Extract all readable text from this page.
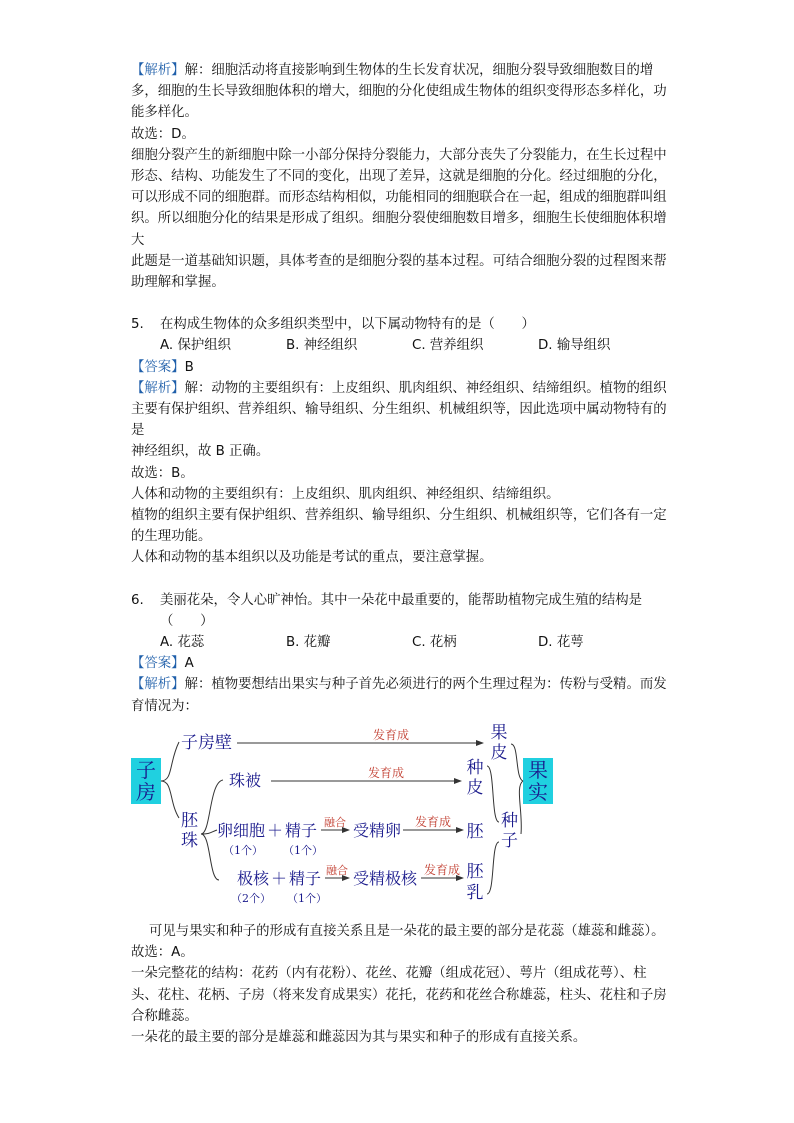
【解析】解：细胞活动将直接影响到生物体的生长发育状况，细胞分裂导致细胞数目的增多，细胞的生长导致细胞体积的增大，细胞的分化使组成生物体的组织变得形态多样化，功能多样化。

故选：D。

细胞分裂产生的新细胞中除一小部分保持分裂能力，大部分丧失了分裂能力，在生长过程中形态、结构、功能发生了不同的变化，出现了差异，这就是细胞的分化。经过细胞的分化，可以形成不同的细胞群。而形态结构相似，功能相同的细胞联合在一起，组成的细胞群叫组织。所以细胞分化的结果是形成了组织。细胞分裂使细胞数目增多，细胞生长使细胞体积增大

此题是一道基础知识题，具体考查的是细胞分裂的基本过程。可结合细胞分裂的过程图来帮助理解和掌握。

5. 在构成生物体的众多组织类型中，以下属动物特有的是（　　）

A. 保护组织	B. 神经组织	C. 营养组织	D. 输导组织

【答案】B

【解析】解：动物的主要组织有：上皮组织、肌肉组织、神经组织、结缔组织。植物的组织主要有保护组织、营养组织、输导组织、分生组织、机械组织等，因此选项中属动物特有的是

神经组织，故 B 正确。

故选：B。

人体和动物的主要组织有：上皮组织、肌肉组织、神经组织、结缔组织。

植物的组织主要有保护组织、营养组织、输导组织、分生组织、机械组织等，它们各有一定的生理功能。

人体和动物的基本组织以及功能是考试的重点，要注意掌握。

6. 美丽花朵，令人心旷神怡。其中一朵花中最重要的，能帮助植物完成生殖的结构是（　　）

A. 花蕊	B. 花瓣	C. 花柄	D. 花萼

【答案】A

【解析】解：植物要想结出果实与种子首先必须进行的两个生理过程为：传粉与受精。而发育情况为：

子
房
果
实
子房壁	发育成	果
皮
胚
珠
珠被	发育成	种
皮
卵细胞 ＋ 精子
（1个） （1个）
融合 受精卵 发育成 胚
极核 ＋ 精子
（2个） （1个）
融合 受精极核 发育成 胚
乳
种
子

可见与果实和种子的形成有直接关系且是一朵花的最主要的部分是花蕊（雄蕊和雌蕊）。

故选：A。

一朵完整花的结构：花药（内有花粉）、花丝、花瓣（组成花冠）、萼片（组成花萼）、柱头、花柱、花柄、子房（将来发育成果实）花托，花药和花丝合称雄蕊，柱头、花柱和子房合称雌蕊。

一朵花的最主要的部分是雄蕊和雌蕊因为其与果实和种子的形成有直接关系。
